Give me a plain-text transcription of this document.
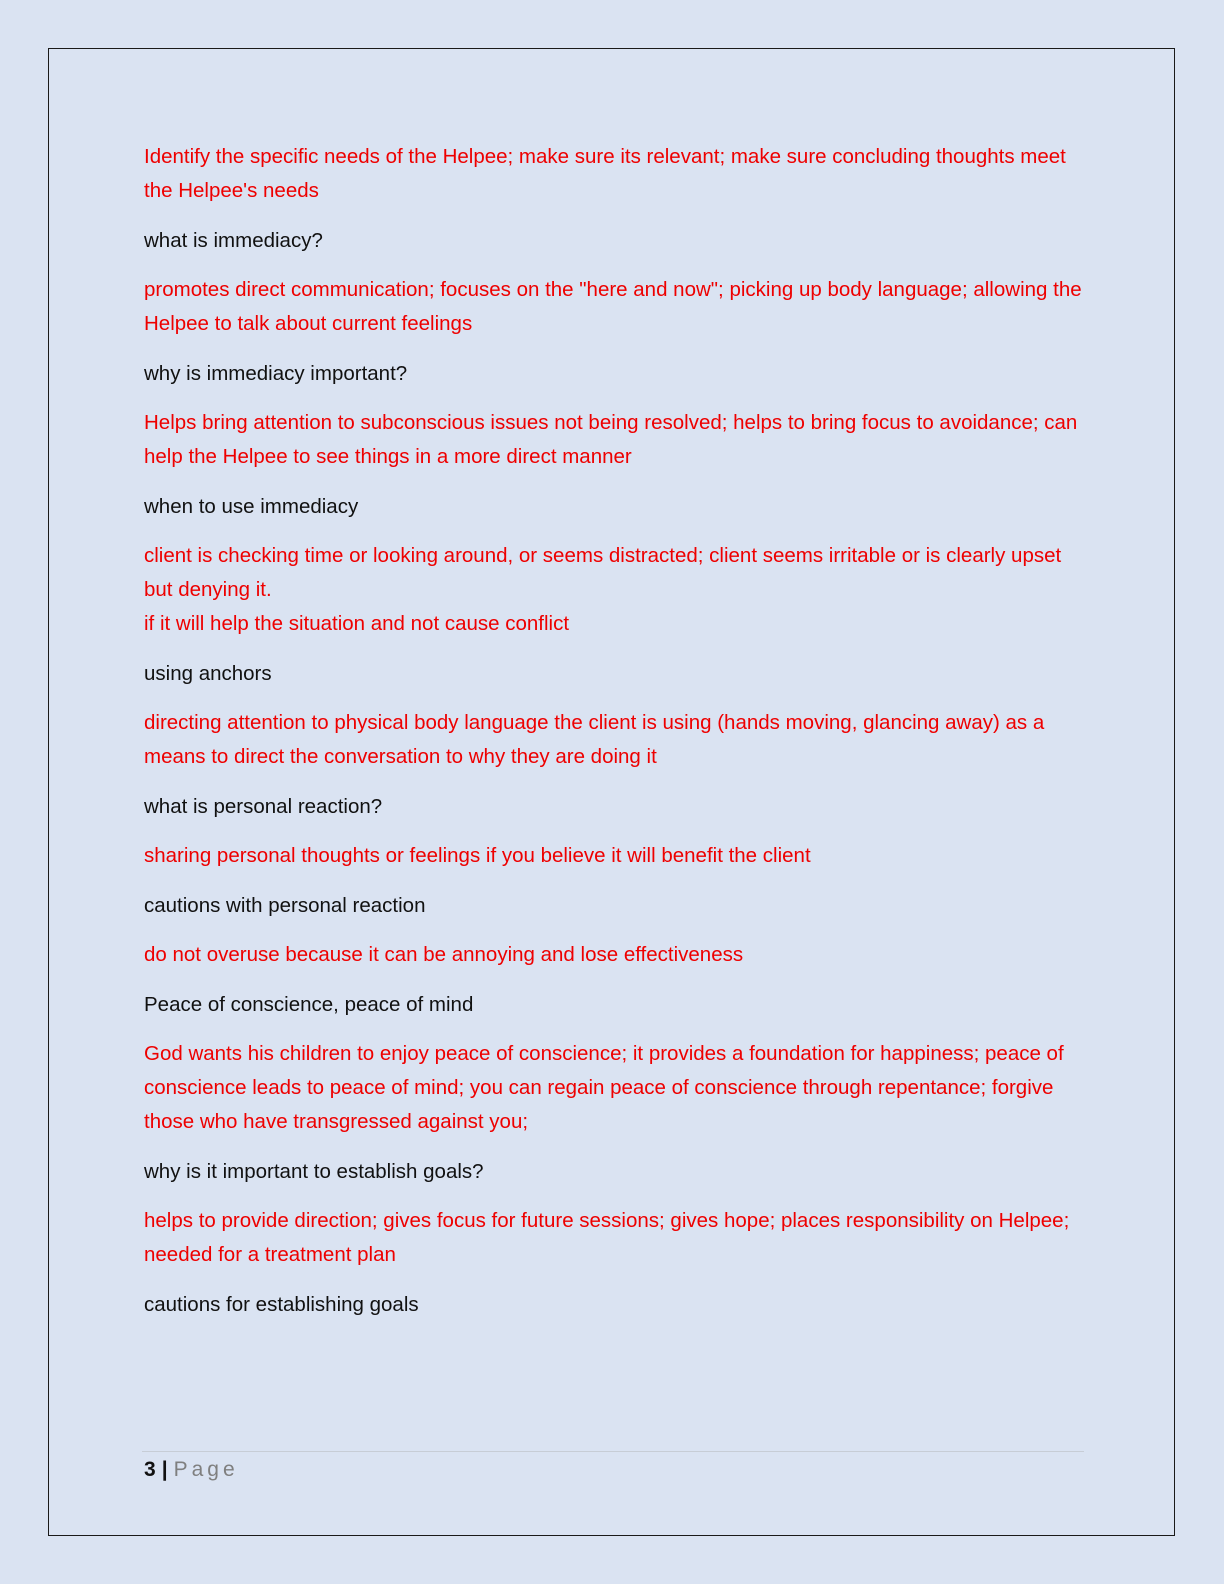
Identify the specific needs of the Helpee; make sure its relevant; make sure concluding thoughts meet the Helpee's needs

what is immediacy?

promotes direct communication; focuses on the "here and now"; picking up body language; allowing the Helpee to talk about current feelings

why is immediacy important?

Helps bring attention to subconscious issues not being resolved; helps to bring focus to avoidance; can help the Helpee to see things in a more direct manner

when to use immediacy

client is checking time or looking around, or seems distracted; client seems irritable or is clearly upset but denying it.
if it will help the situation and not cause conflict

using anchors

directing attention to physical body language the client is using (hands moving, glancing away) as a means to direct the conversation to why they are doing it

what is personal reaction?

sharing personal thoughts or feelings if you believe it will benefit the client

cautions with personal reaction

do not overuse because it can be annoying and lose effectiveness

Peace of conscience, peace of mind

God wants his children to enjoy peace of conscience; it provides a foundation for happiness; peace of conscience leads to peace of mind; you can regain peace of conscience through repentance; forgive those who have transgressed against you;

why is it important to establish goals?

helps to provide direction; gives focus for future sessions; gives hope; places responsibility on Helpee; needed for a treatment plan

cautions for establishing goals

3 | Page
